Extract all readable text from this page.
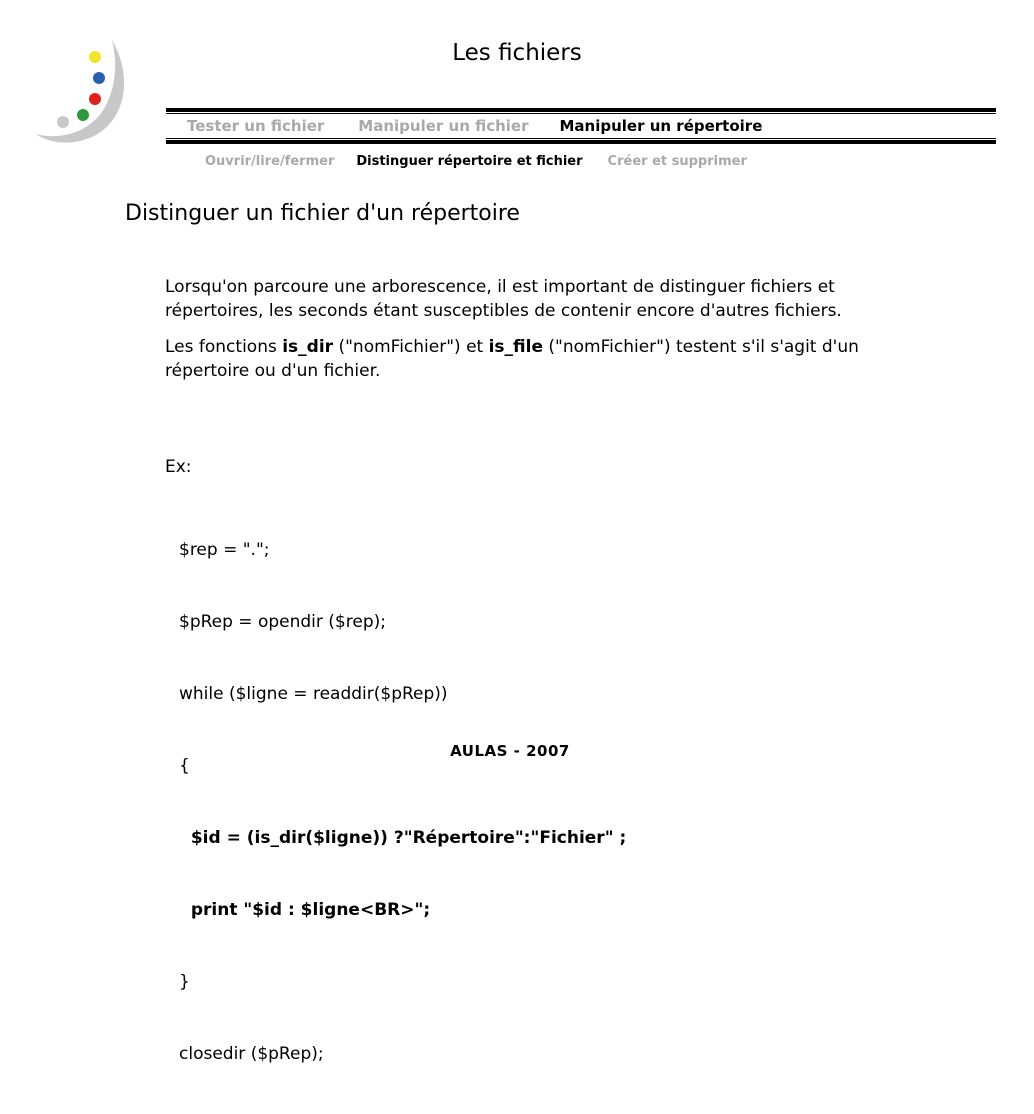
Les fichiers
Tester un fichier Manipuler un fichier Manipuler un répertoire
Ouvrir/lire/fermer Distinguer répertoire et fichier Créer et supprimer
Distinguer un fichier d'un répertoire

Lorsqu'on parcoure une arborescence, il est important de distinguer fichiers et répertoires, les seconds étant susceptibles de contenir encore d'autres fichiers.

Les fonctions is_dir ("nomFichier") et is_file ("nomFichier") testent s'il s'agit d'un répertoire ou d'un fichier.

Ex:

$rep = ".";

$pRep = opendir ($rep);

while ($ligne = readdir($pRep))

{

$id = (is_dir($ligne)) ?"Répertoire":"Fichier" ;

print "$id : $ligne<BR>";

}

closedir ($pRep);

AULAS - 2007
